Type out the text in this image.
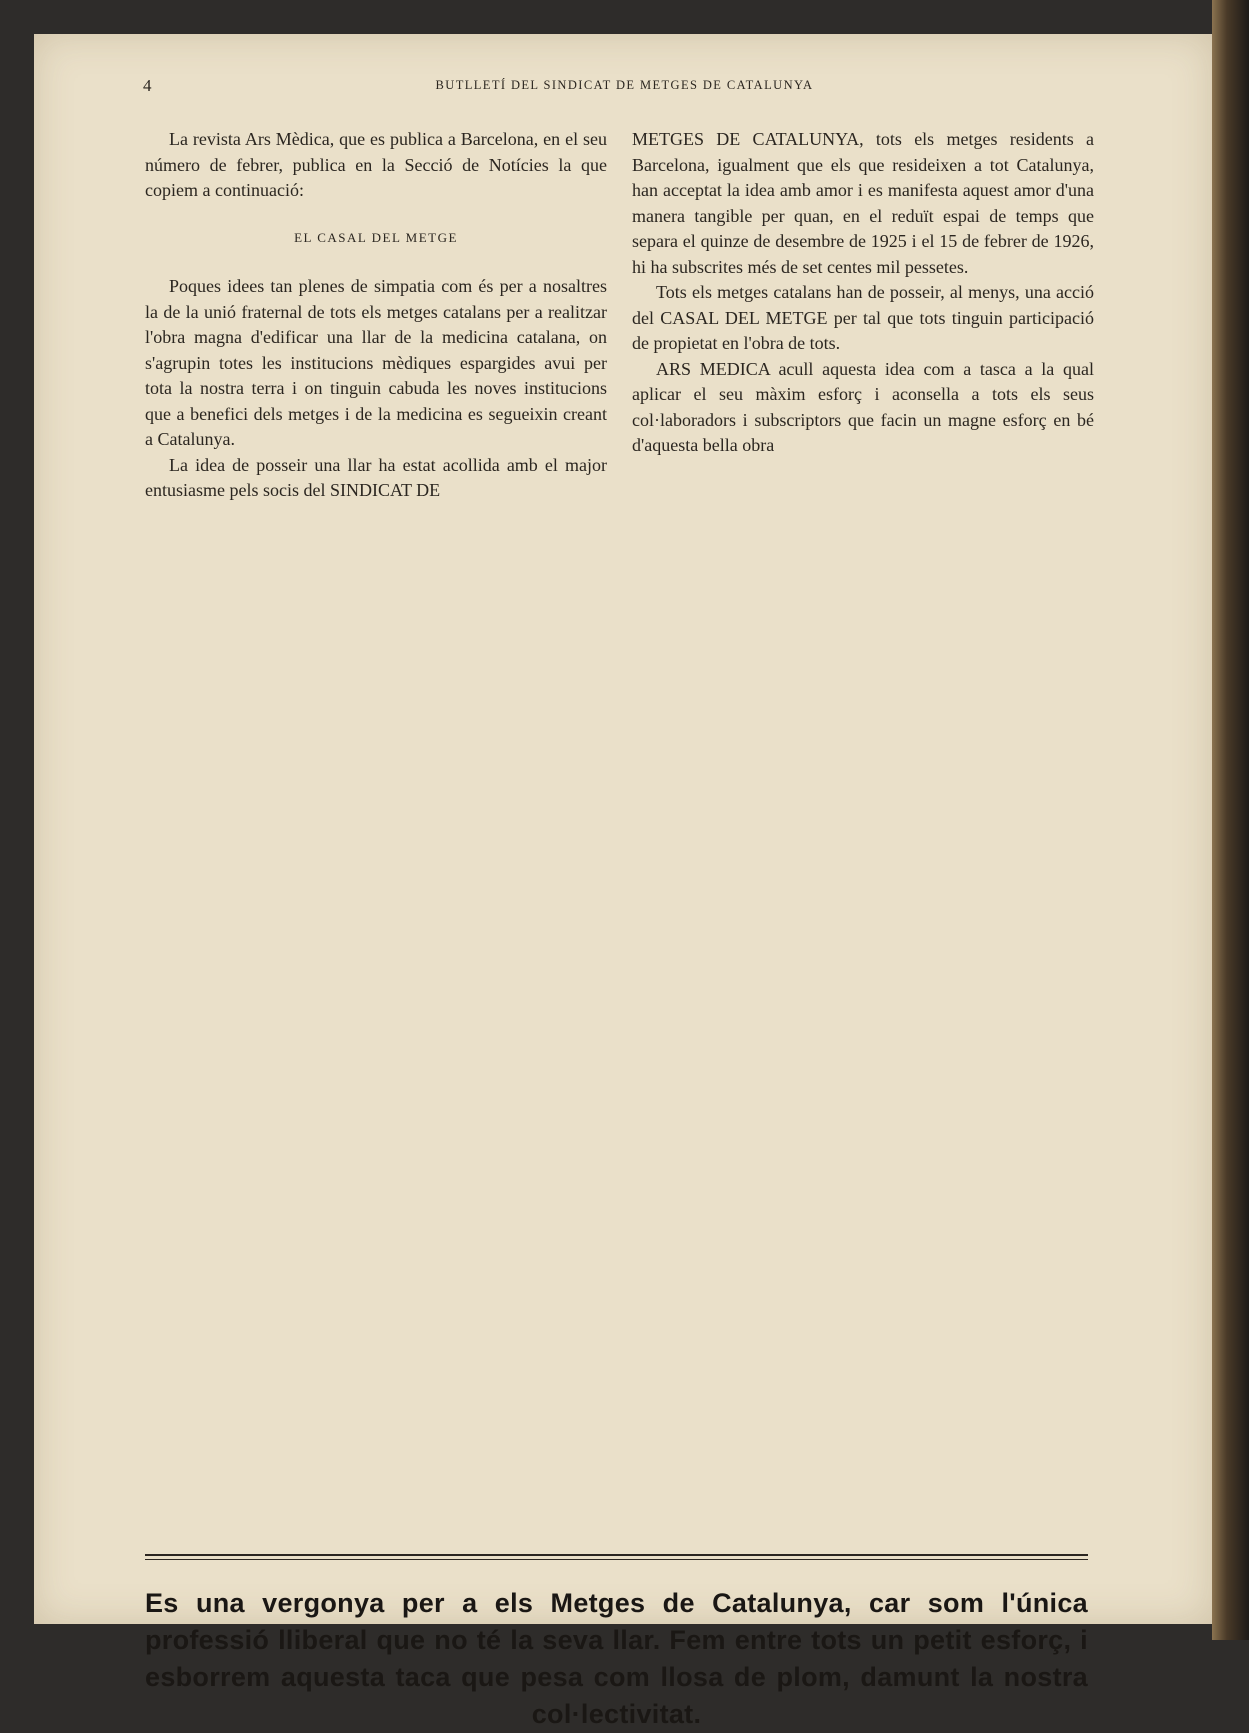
4	BUTLLETÍ DEL SINDICAT DE METGES DE CATALUNYA

La revista Ars Mèdica, que es publica a Barcelona, en el seu número de febrer, publica en la Secció de Notícies la que copiem a continuació:

EL CASAL DEL METGE

Poques idees tan plenes de simpatia com és per a nosaltres la de la unió fraternal de tots els metges catalans per a realitzar l'obra magna d'edificar una llar de la medicina catalana, on s'agrupin totes les institucions mèdiques espargides avui per tota la nostra terra i on tinguin cabuda les noves institucions que a benefici dels metges i de la medicina es segueixin creant a Catalunya.

La idea de posseir una llar ha estat acollida amb el major entusiasme pels socis del SINDICAT DE

METGES DE CATALUNYA, tots els metges residents a Barcelona, igualment que els que resideixen a tot Catalunya, han acceptat la idea amb amor i es manifesta aquest amor d'una manera tangible per quan, en el reduït espai de temps que separa el quinze de desembre de 1925 i el 15 de febrer de 1926, hi ha subscrites més de set centes mil pessetes.

Tots els metges catalans han de posseir, al menys, una acció del CASAL DEL METGE per tal que tots tinguin participació de propietat en l'obra de tots.

ARS MEDICA acull aquesta idea com a tasca a la qual aplicar el seu màxim esforç i aconsella a tots els seus col·laboradors i subscriptors que facin un magne esforç en bé d'aquesta bella obra

Es una vergonya per a els Metges de Catalunya, car som l'única professió lliberal que no té la seva llar. Fem entre tots un petit esforç, i esborrem aquesta taca que pesa com llosa de plom, damunt la nostra col·lectivitat.
